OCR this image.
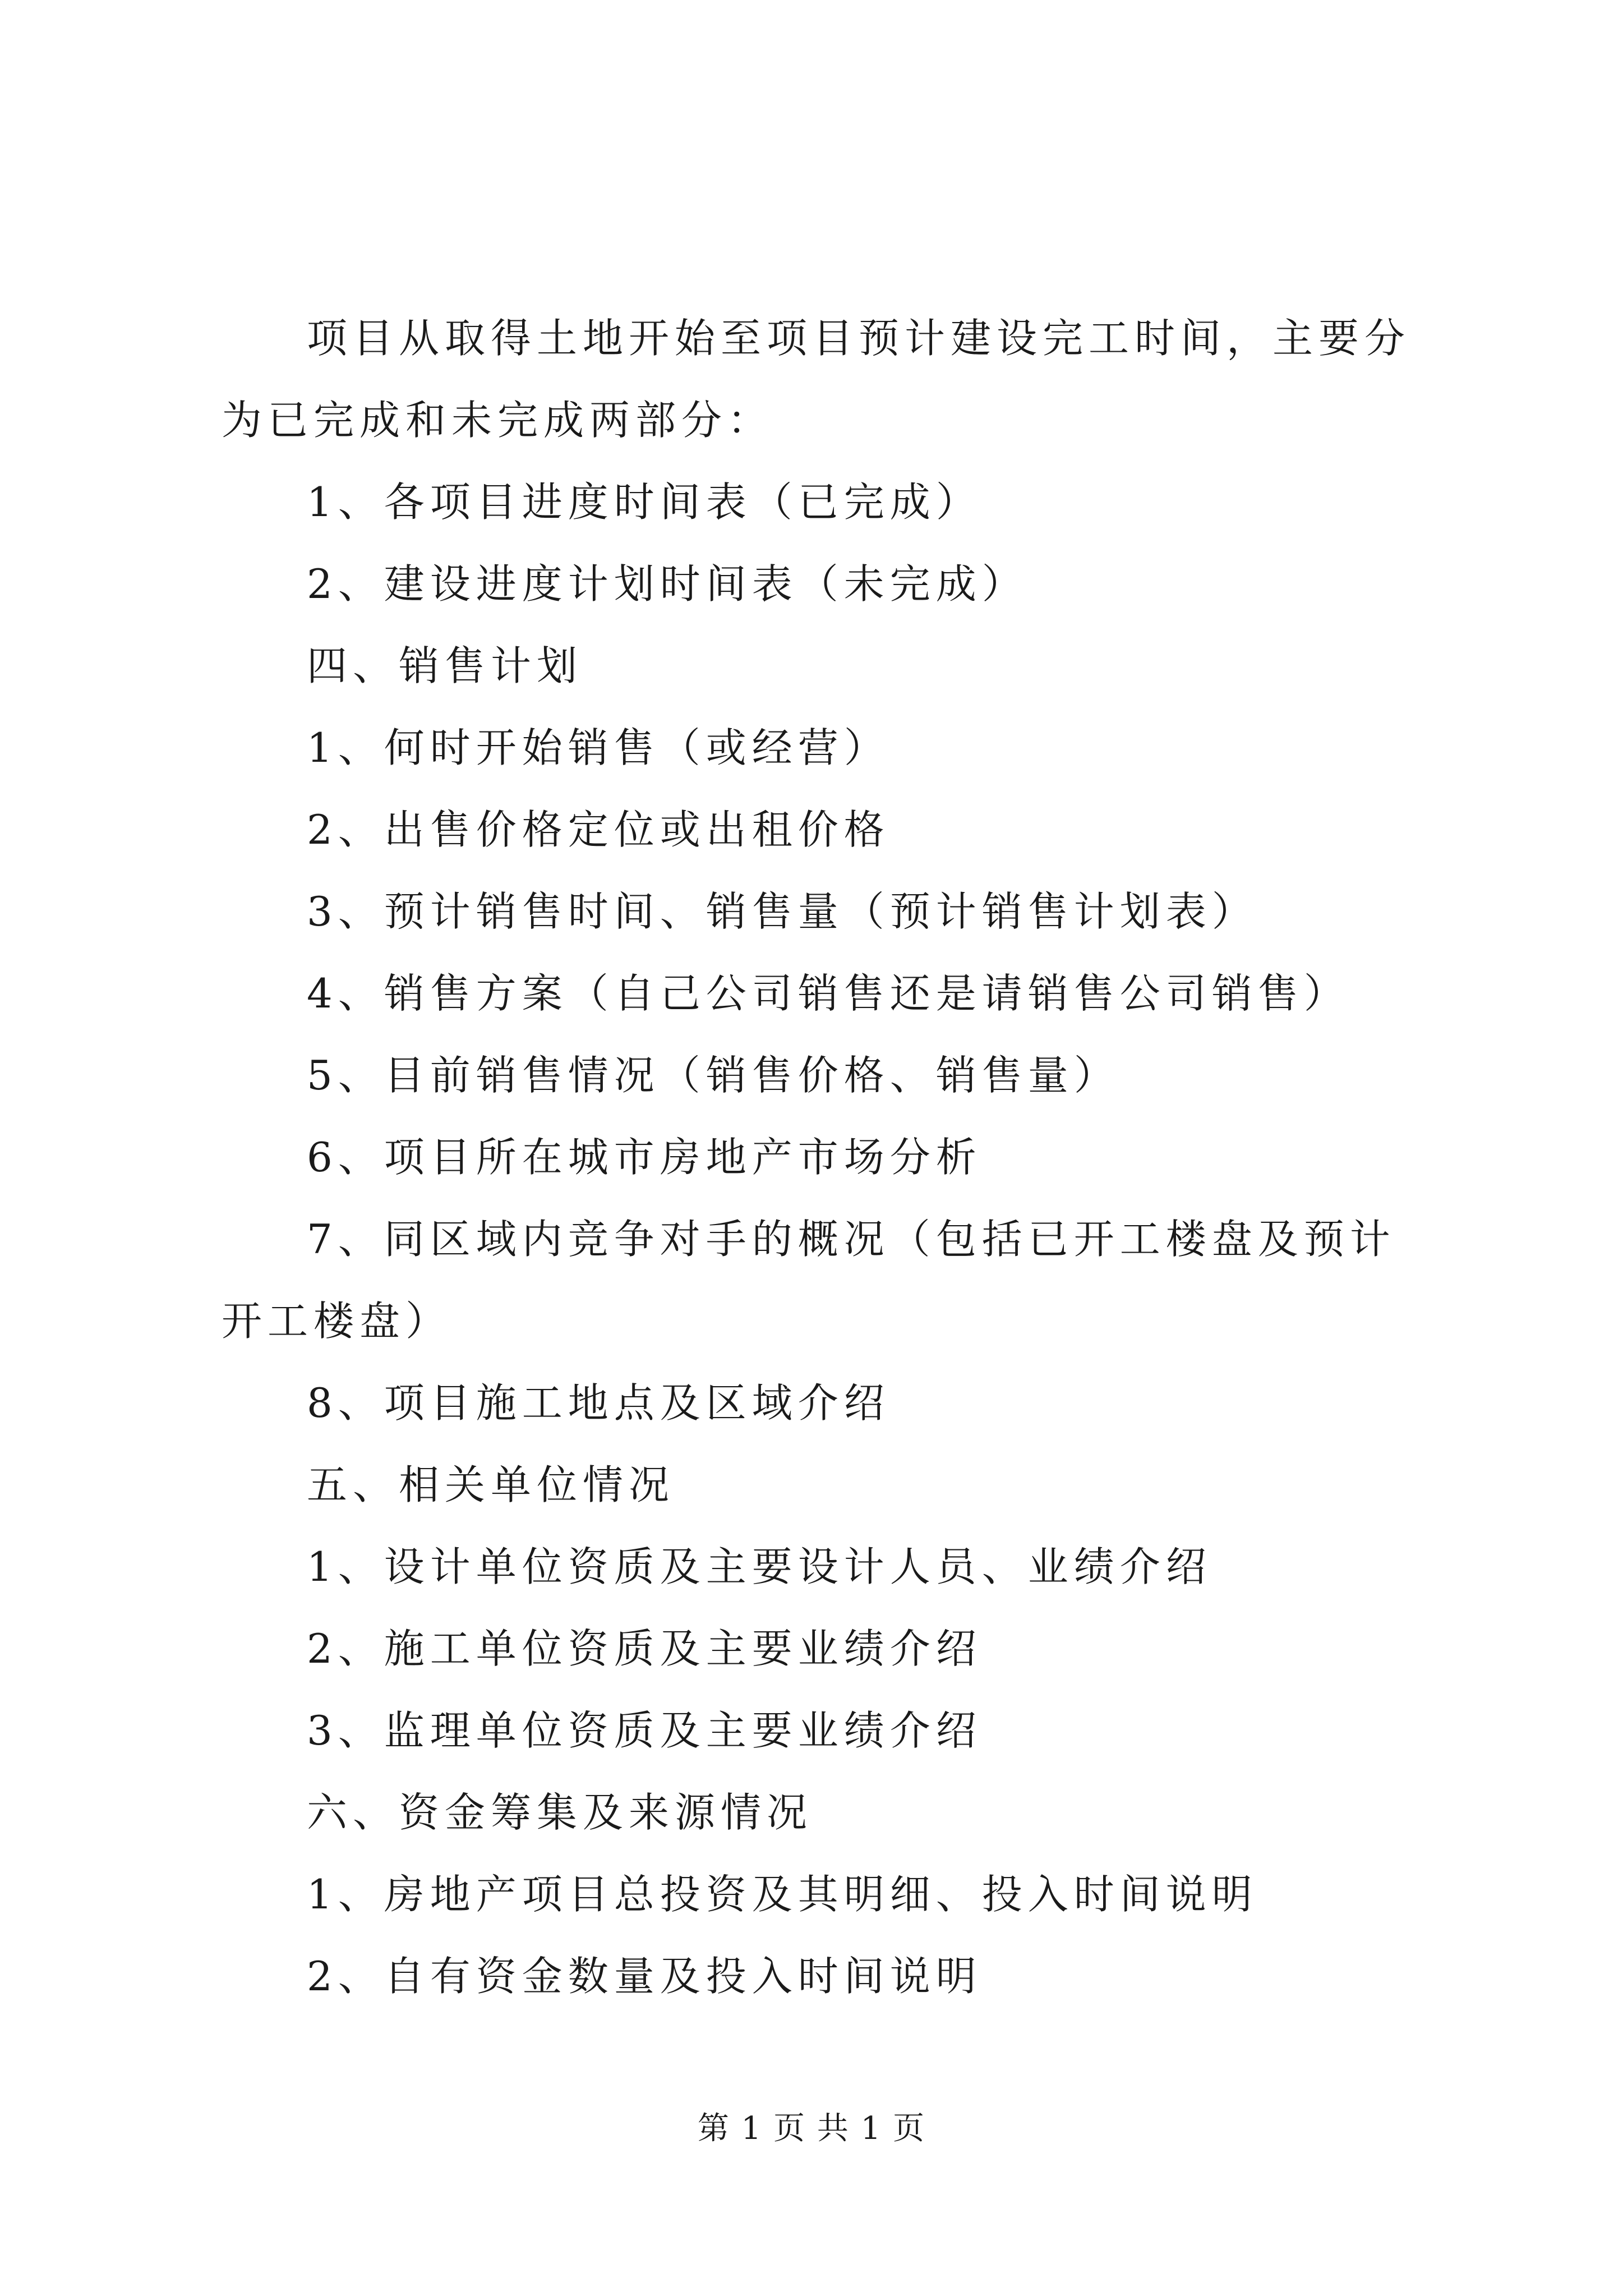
项目从取得土地开始至项目预计建设完工时间，主要分为已完成和未完成两部分：

1、各项目进度时间表（已完成）

2、建设进度计划时间表（未完成）

四、销售计划

1、何时开始销售（或经营）

2、出售价格定位或出租价格

3、预计销售时间、销售量（预计销售计划表）

4、销售方案（自己公司销售还是请销售公司销售）

5、目前销售情况（销售价格、销售量）

6、项目所在城市房地产市场分析

7、同区域内竞争对手的概况（包括已开工楼盘及预计开工楼盘）

8、项目施工地点及区域介绍

五、相关单位情况

1、设计单位资质及主要设计人员、业绩介绍

2、施工单位资质及主要业绩介绍

3、监理单位资质及主要业绩介绍

六、资金筹集及来源情况

1、房地产项目总投资及其明细、投入时间说明

2、自有资金数量及投入时间说明

第 1 页 共 1 页
